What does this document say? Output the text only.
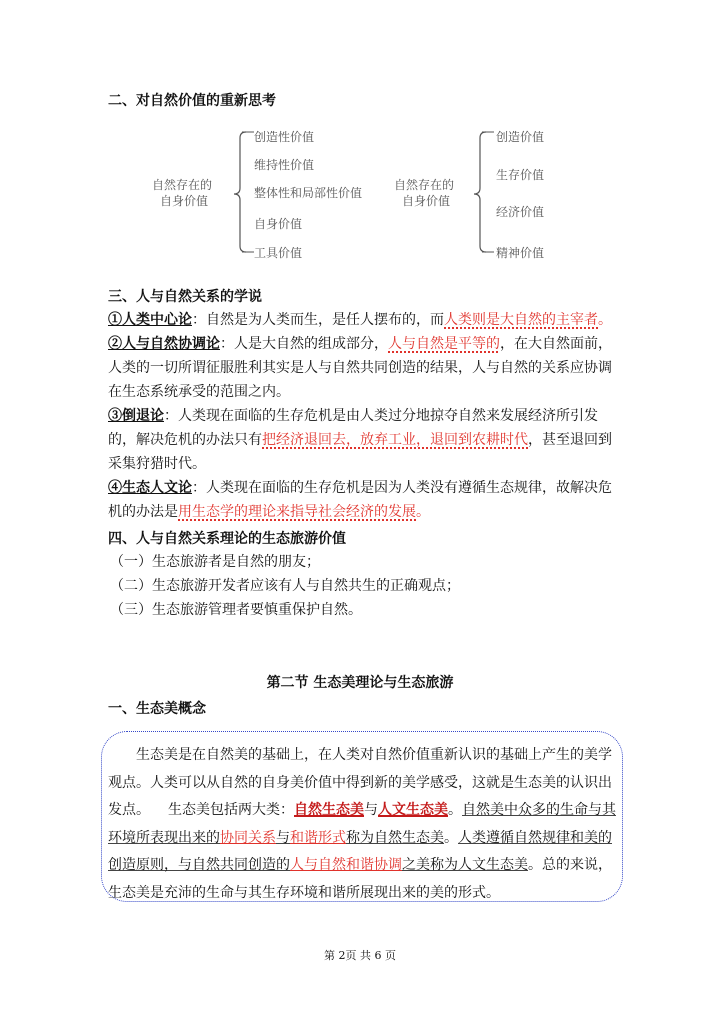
二、对自然价值的重新思考
自然存在的
自身价值
创造性价值
维持性价值
整体性和局部性价值
自身价值
工具价值
自然存在的
自身价值
创造价值
生存价值
经济价值
精神价值
三、人与自然关系的学说
①人类中心论：自然是为人类而生，是任人摆布的，而人类则是大自然的主宰者。
②人与自然协调论：人是大自然的组成部分，人与自然是平等的，在大自然面前，人类的一切所谓征服胜利其实是人与自然共同创造的结果，人与自然的关系应协调在生态系统承受的范围之内。
③倒退论：人类现在面临的生存危机是由人类过分地掠夺自然来发展经济所引发的，解决危机的办法只有把经济退回去，放弃工业，退回到农耕时代，甚至退回到采集狩猎时代。
④生态人文论：人类现在面临的生存危机是因为人类没有遵循生态规律，故解决危机的办法是用生态学的理论来指导社会经济的发展。
四、人与自然关系理论的生态旅游价值
（一）生态旅游者是自然的朋友；
（二）生态旅游开发者应该有人与自然共生的正确观点；
（三）生态旅游管理者要慎重保护自然。
第二节 生态美理论与生态旅游
一、生态美概念
生态美是在自然美的基础上，在人类对自然价值重新认识的基础上产生的美学观点。人类可以从自然的自身美价值中得到新的美学感受，这就是生态美的认识出发点。 生态美包括两大类：自然生态美与人文生态美。自然美中众多的生命与其环境所表现出来的协同关系与和谐形式称为自然生态美。人类遵循自然规律和美的创造原则，与自然共同创造的人与自然和谐协调之美称为人文生态美。总的来说，生态美是充沛的生命与其生存环境和谐所展现出来的美的形式。
第 2页 共 6 页
